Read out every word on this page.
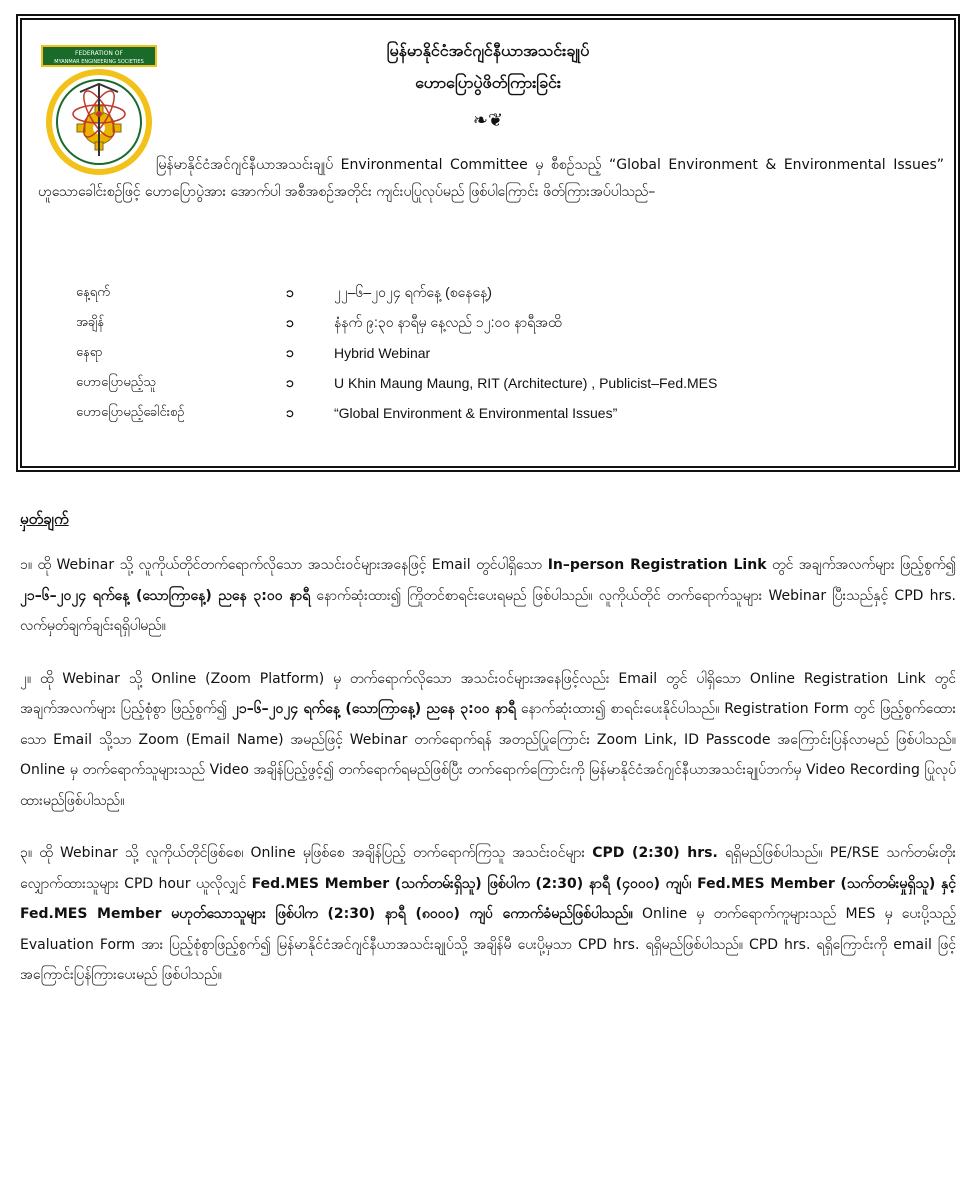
FEDERATION OF
MYANMAR ENGINEERING SOCIETIES
မြန်မာနိုင်ငံအင်ဂျင်နီယာအသင်းချုပ်
ဟောပြောပွဲဖိတ်ကြားခြင်း
❧❦
မြန်မာနိုင်ငံအင်ဂျင်နီယာအသင်းချုပ် Environmental Committee မှ စီစဉ်သည့် “Global Environment & Environmental Issues” ဟူသောခေါင်းစဉ်ဖြင့် ဟောပြောပွဲအား အောက်ပါ အစီအစဉ်အတိုင်း ကျင်းပပြုလုပ်မည် ဖြစ်ပါကြောင်း ဖိတ်ကြားအပ်ပါသည်–
နေ့ရက်	၁	၂၂–၆–၂၀၂၄ ရက်နေ့ (စနေနေ့)
အချိန်	၁	နံနက် ၉:၃၀ နာရီမှ နေ့လည် ၁၂:၀၀ နာရီအထိ
နေရာ	၁	Hybrid Webinar
ဟောပြောမည့်သူ	၁	U Khin Maung Maung, RIT (Architecture) , Publicist–Fed.MES
ဟောပြောမည့်ခေါင်းစဉ်	၁	“Global Environment & Environmental Issues”
မှတ်ချက်

၁။ ထို Webinar သို့ လူကိုယ်တိုင်တက်ရောက်လိုသော အသင်းဝင်များအနေဖြင့် Email တွင်ပါရှိသော In–person Registration Link တွင် အချက်အလက်များ ဖြည့်စွက်၍ ၂၁–၆–၂၀၂၄ ရက်နေ့ (သောကြာနေ့) ညနေ ၃:၀၀ နာရီ နောက်ဆုံးထား၍ ကြိုတင်စာရင်းပေးရမည် ဖြစ်ပါသည်။ လူကိုယ်တိုင် တက်ရောက်သူများ Webinar ပြီးသည်နှင့် CPD hrs. လက်မှတ်ချက်ချင်းရရှိပါမည်။

၂။ ထို Webinar သို့ Online (Zoom Platform) မှ တက်ရောက်လိုသော အသင်းဝင်များအနေဖြင့်လည်း Email တွင် ပါရှိသော Online Registration Link တွင် အချက်အလက်များ ပြည့်စုံစွာ ဖြည့်စွက်၍ ၂၁–၆–၂၀၂၄ ရက်နေ့ (သောကြာနေ့) ညနေ ၃:၀၀ နာရီ နောက်ဆုံးထား၍ စာရင်းပေးနိုင်ပါသည်။ Registration Form တွင် ဖြည့်စွက်ထေားသော Email သို့သာ Zoom (Email Name) အမည်ဖြင့် Webinar တက်ရောက်ရန် အတည်ပြုကြောင်း Zoom Link, ID Passcode အကြောင်းပြန်လာမည် ဖြစ်ပါသည်။ Online မှ တက်ရောက်သူများသည် Video အချိန်ပြည့်ဖွင့်၍ တက်ရောက်ရမည်ဖြစ်ပြီး တက်ရောက်ကြောင်းကို မြန်မာနိုင်ငံအင်ဂျင်နီယာအသင်းချုပ်ဘက်မှ Video Recording ပြုလုပ်ထားမည်ဖြစ်ပါသည်။

၃။ ထို Webinar သို့ လူကိုယ်တိုင်ဖြစ်စေ၊ Online မှဖြစ်စေ အချိန်ပြည့် တက်ရောက်ကြသူ အသင်းဝင်များ CPD (2:30) hrs. ရရှိမည်ဖြစ်ပါသည်။ PE/RSE သက်တမ်းတိုးလျှောက်ထားသူများ CPD hour ယူလိုလျှင် Fed.MES Member (သက်တမ်းရှိသူ) ဖြစ်ပါက (2:30) နာရီ (၄၀၀၀) ကျပ်၊ Fed.MES Member (သက်တမ်းမှုရှိသူ) နှင့် Fed.MES Member မဟုတ်သောသူများ ဖြစ်ပါက (2:30) နာရီ (၈၀၀၀) ကျပ် ကောက်ခံမည်ဖြစ်ပါသည်။ Online မှ တက်ရောက်ကူများသည် MES မှ ပေးပို့သည့် Evaluation Form အား ပြည့်စုံစွာဖြည့်စွက်၍ မြန်မာနိုင်ငံအင်ဂျင်နီယာအသင်းချုပ်သို့ အချိန်မီ ပေးပို့မှသာ CPD hrs. ရရှိမည်ဖြစ်ပါသည်။ CPD hrs. ရရှိကြောင်းကို email ဖြင့် အကြောင်းပြန်ကြားပေးမည် ဖြစ်ပါသည်။
